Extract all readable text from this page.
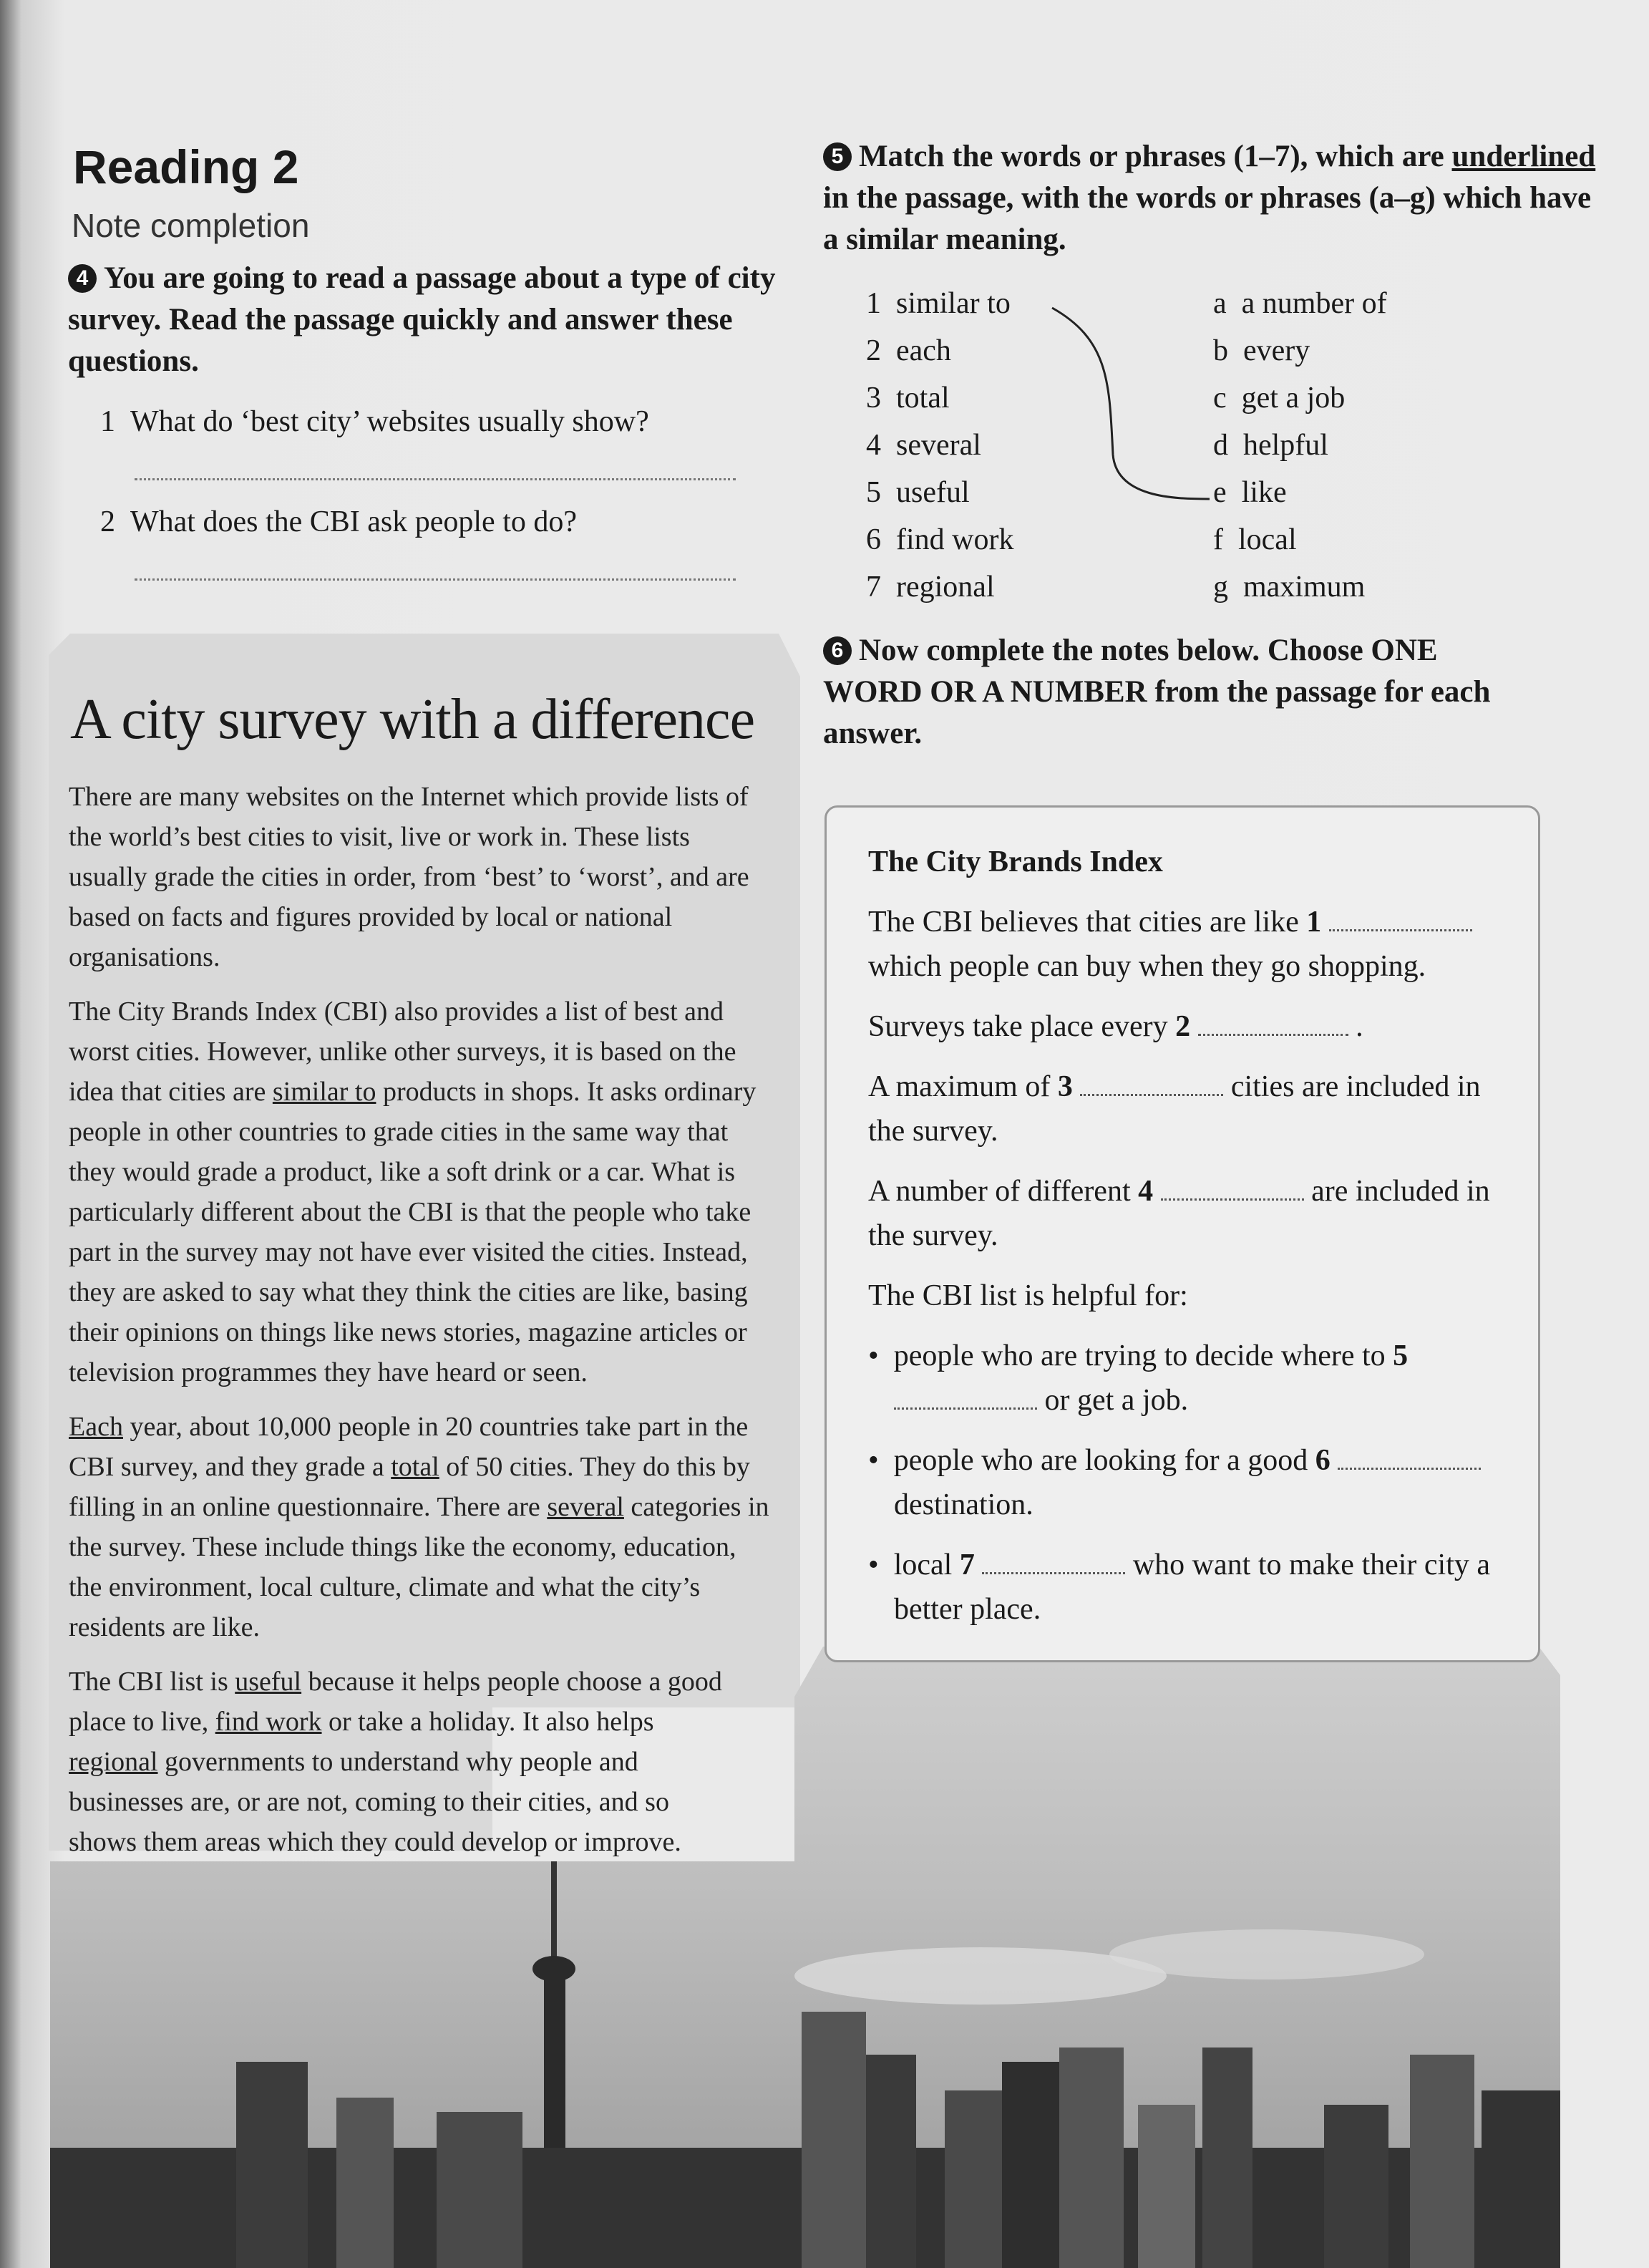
Reading 2
Note completion
4 You are going to read a passage about a type of city survey. Read the passage quickly and answer these questions.
1 What do ‘best city’ websites usually show?
2 What does the CBI ask people to do?
A city survey with a difference
There are many websites on the Internet which provide lists of the world’s best cities to visit, live or work in. These lists usually grade the cities in order, from ‘best’ to ‘worst’, and are based on facts and figures provided by local or national organisations.
The City Brands Index (CBI) also provides a list of best and worst cities. However, unlike other surveys, it is based on the idea that cities are similar to products in shops. It asks ordinary people in other countries to grade cities in the same way that they would grade a product, like a soft drink or a car. What is particularly different about the CBI is that the people who take part in the survey may not have ever visited the cities. Instead, they are asked to say what they think the cities are like, basing their opinions on things like news stories, magazine articles or television programmes they have heard or seen.
Each year, about 10,000 people in 20 countries take part in the CBI survey, and they grade a total of 50 cities. They do this by filling in an online questionnaire. There are several categories in the survey. These include things like the economy, education, the environment, local culture, climate and what the city’s residents are like.
The CBI list is useful because it helps people choose a good place to live, find work or take a holiday. It also helps regional governments to understand why people and businesses are, or are not, coming to their cities, and so shows them areas which they could develop or improve.
5 Match the words or phrases (1–7), which are underlined in the passage, with the words or phrases (a–g) which have a similar meaning.
1 similar to	a a number of
2 each	b every
3 total	c get a job
4 several	d helpful
5 useful	e like
6 find work	f local
7 regional	g maximum
6 Now complete the notes below. Choose ONE WORD OR A NUMBER from the passage for each answer.
The City Brands Index
The CBI believes that cities are like 1
which people can buy when they go shopping.
Surveys take place every 2	.
A maximum of 3	cities are included in the survey.
A number of different 4	are included in the survey.
The CBI list is helpful for:
•  people who are trying to decide where to 5  or get a job.
•  people who are looking for a good 6  destination.
•  local 7	who want to make their city a better place.
